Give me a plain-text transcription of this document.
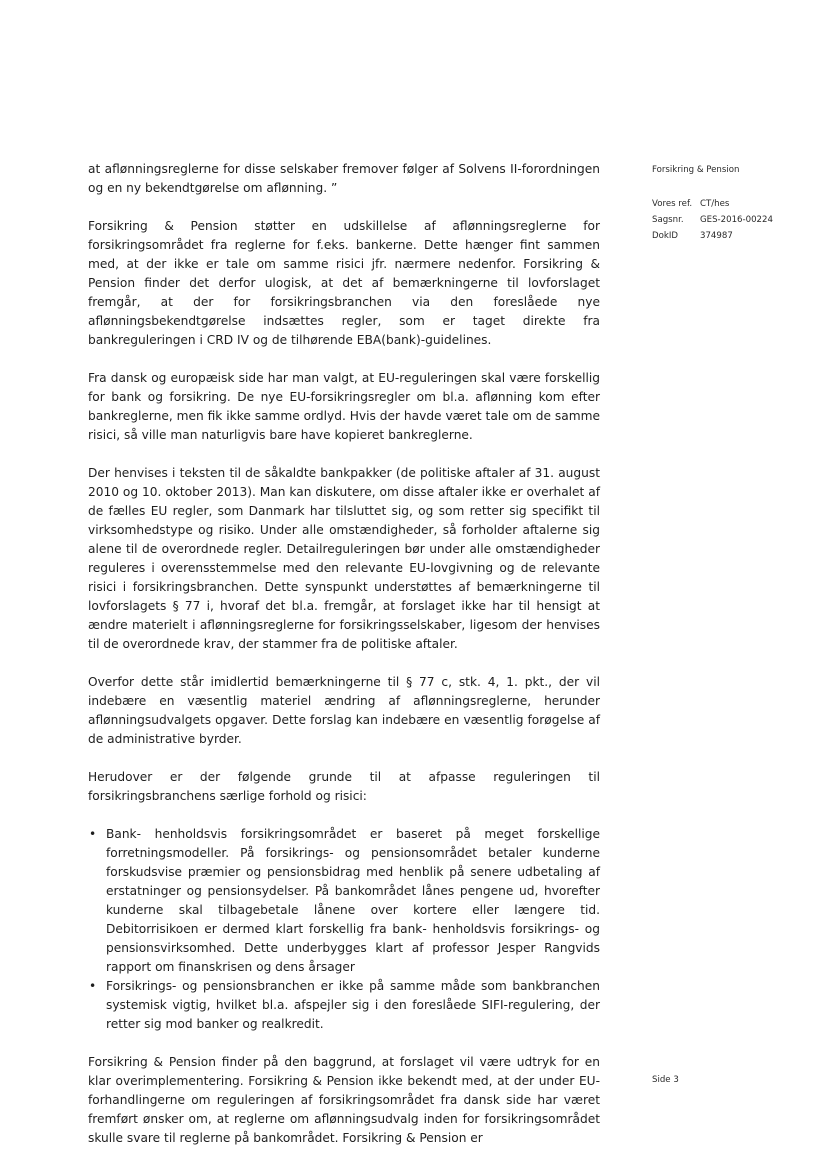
at aflønningsreglerne for disse selskaber fremover følger af Solvens II-forordningen og en ny bekendtgørelse om aflønning. ”

Forsikring & Pension støtter en udskillelse af aflønningsreglerne for forsikringsområdet fra reglerne for f.eks. bankerne. Dette hænger fint sammen med, at der ikke er tale om samme risici jfr. nærmere nedenfor. Forsikring & Pension finder det derfor ulogisk, at det af bemærkningerne til lovforslaget fremgår, at der for forsikringsbranchen via den foreslåede nye aflønningsbekendtgørelse indsættes regler, som er taget direkte fra bankreguleringen i CRD IV og de tilhørende EBA(bank)-guidelines.

Fra dansk og europæisk side har man valgt, at EU-reguleringen skal være forskellig for bank og forsikring. De nye EU-forsikringsregler om bl.a. aflønning kom efter bankreglerne, men fik ikke samme ordlyd. Hvis der havde været tale om de samme risici, så ville man naturligvis bare have kopieret bankreglerne.

Der henvises i teksten til de såkaldte bankpakker (de politiske aftaler af 31. august 2010 og 10. oktober 2013). Man kan diskutere, om disse aftaler ikke er overhalet af de fælles EU regler, som Danmark har tilsluttet sig, og som retter sig specifikt til virksomhedstype og risiko. Under alle omstændigheder, så forholder aftalerne sig alene til de overordnede regler. Detailreguleringen bør under alle omstændigheder reguleres i overensstemmelse med den relevante EU-lovgivning og de relevante risici i forsikringsbranchen. Dette synspunkt understøttes af bemærkningerne til lovforslagets § 77 i, hvoraf det bl.a. fremgår, at forslaget ikke har til hensigt at ændre materielt i aflønningsreglerne for forsikringsselskaber, ligesom der henvises til de overordnede krav, der stammer fra de politiske aftaler.

Overfor dette står imidlertid bemærkningerne til § 77 c, stk. 4, 1. pkt., der vil indebære en væsentlig materiel ændring af aflønningsreglerne, herunder aflønningsudvalgets opgaver. Dette forslag kan indebære en væsentlig forøgelse af de administrative byrder.

Herudover er der følgende grunde til at afpasse reguleringen til forsikringsbranchens særlige forhold og risici:

• Bank- henholdsvis forsikringsområdet er baseret på meget forskellige forretningsmodeller. På forsikrings- og pensionsområdet betaler kunderne forskudsvise præmier og pensionsbidrag med henblik på senere udbetaling af erstatninger og pensionsydelser. På bankområdet lånes pengene ud, hvorefter kunderne skal tilbagebetale lånene over kortere eller længere tid. Debitorrisikoen er dermed klart forskellig fra bank- henholdsvis forsikrings- og pensionsvirksomhed. Dette underbygges klart af professor Jesper Rangvids rapport om finanskrisen og dens årsager
• Forsikrings- og pensionsbranchen er ikke på samme måde som bankbranchen systemisk vigtig, hvilket bl.a. afspejler sig i den foreslåede SIFI-regulering, der retter sig mod banker og realkredit.

Forsikring & Pension finder på den baggrund, at forslaget vil være udtryk for en klar overimplementering. Forsikring & Pension ikke bekendt med, at der under EU-forhandlingerne om reguleringen af forsikringsområdet fra dansk side har været fremført ønsker om, at reglerne om aflønningsudvalg inden for forsikringsområdet skulle svare til reglerne på bankområdet. Forsikring & Pension er

Forsikring & Pension
Vores ref. CT/hes
Sagsnr.	GES-2016-00224
DokID	374987
Side 3
